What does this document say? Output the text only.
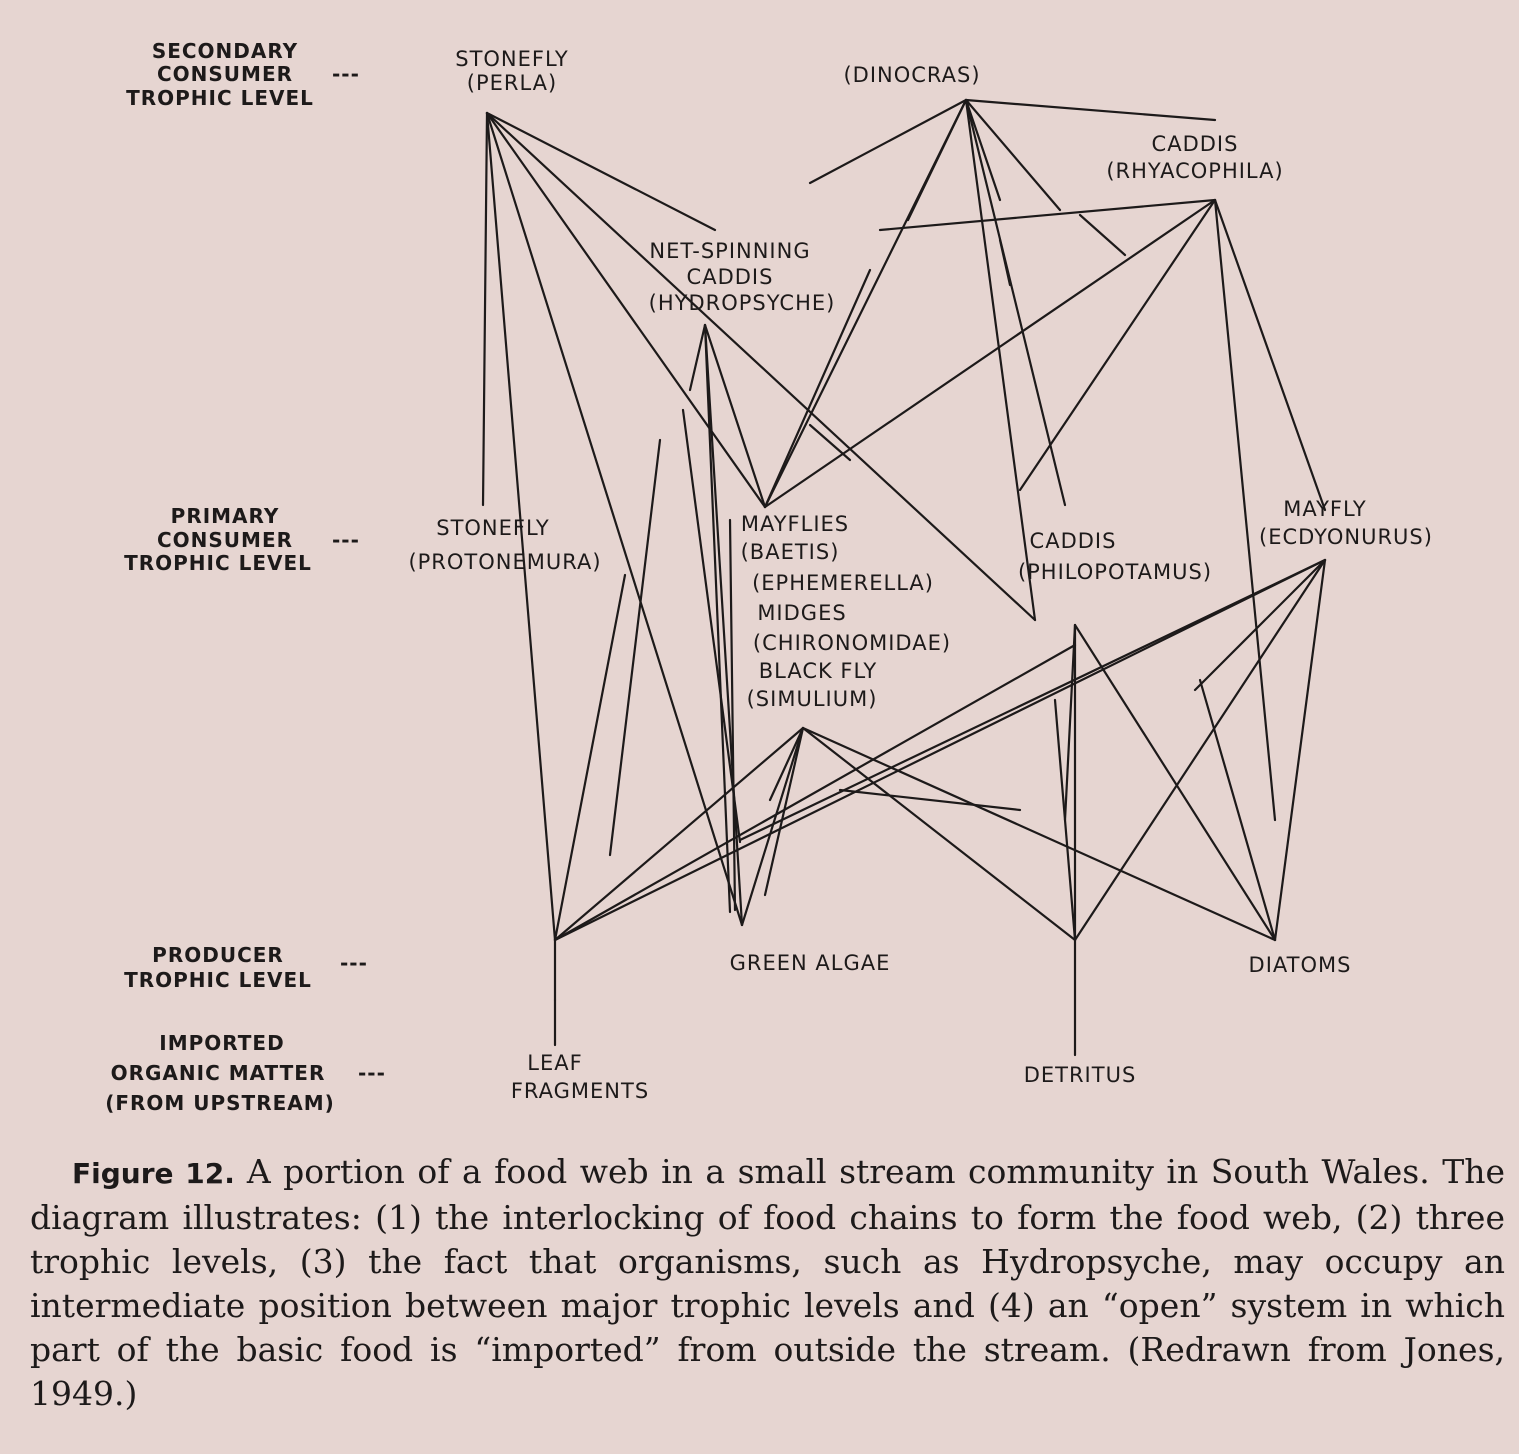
SECONDARY
CONSUMER
TROPHIC LEVEL
---
PRIMARY
CONSUMER
TROPHIC LEVEL
---
PRODUCER
TROPHIC LEVEL
---
IMPORTED
ORGANIC MATTER
(FROM UPSTREAM)
---
STONEFLY
(PERLA)	(DINOCRAS)
CADDIS
(RHYACOPHILA)
NET-SPINNING
CADDIS
(HYDROPSYCHE)
STONEFLY
(PROTONEMURA)
MAYFLIES
(BAETIS)
(EPHEMERELLA)
MIDGES
(CHIRONOMIDAE)
BLACK FLY
(SIMULIUM)
CADDIS
(PHILOPOTAMUS)
MAYFLY
(ECDYONURUS)
GREEN ALGAE	DIATOMS
LEAF
FRAGMENTS
DETRITUS
Figure 12. A portion of a food web in a small stream community in South Wales. The diagram illustrates: (1) the interlocking of food chains to form the food web, (2) three trophic levels, (3) the fact that organisms, such as Hydropsyche, may occupy an intermediate position between major trophic levels and (4) an “open” system in which part of the basic food is “imported” from outside the stream. (Redrawn from Jones, 1949.)
